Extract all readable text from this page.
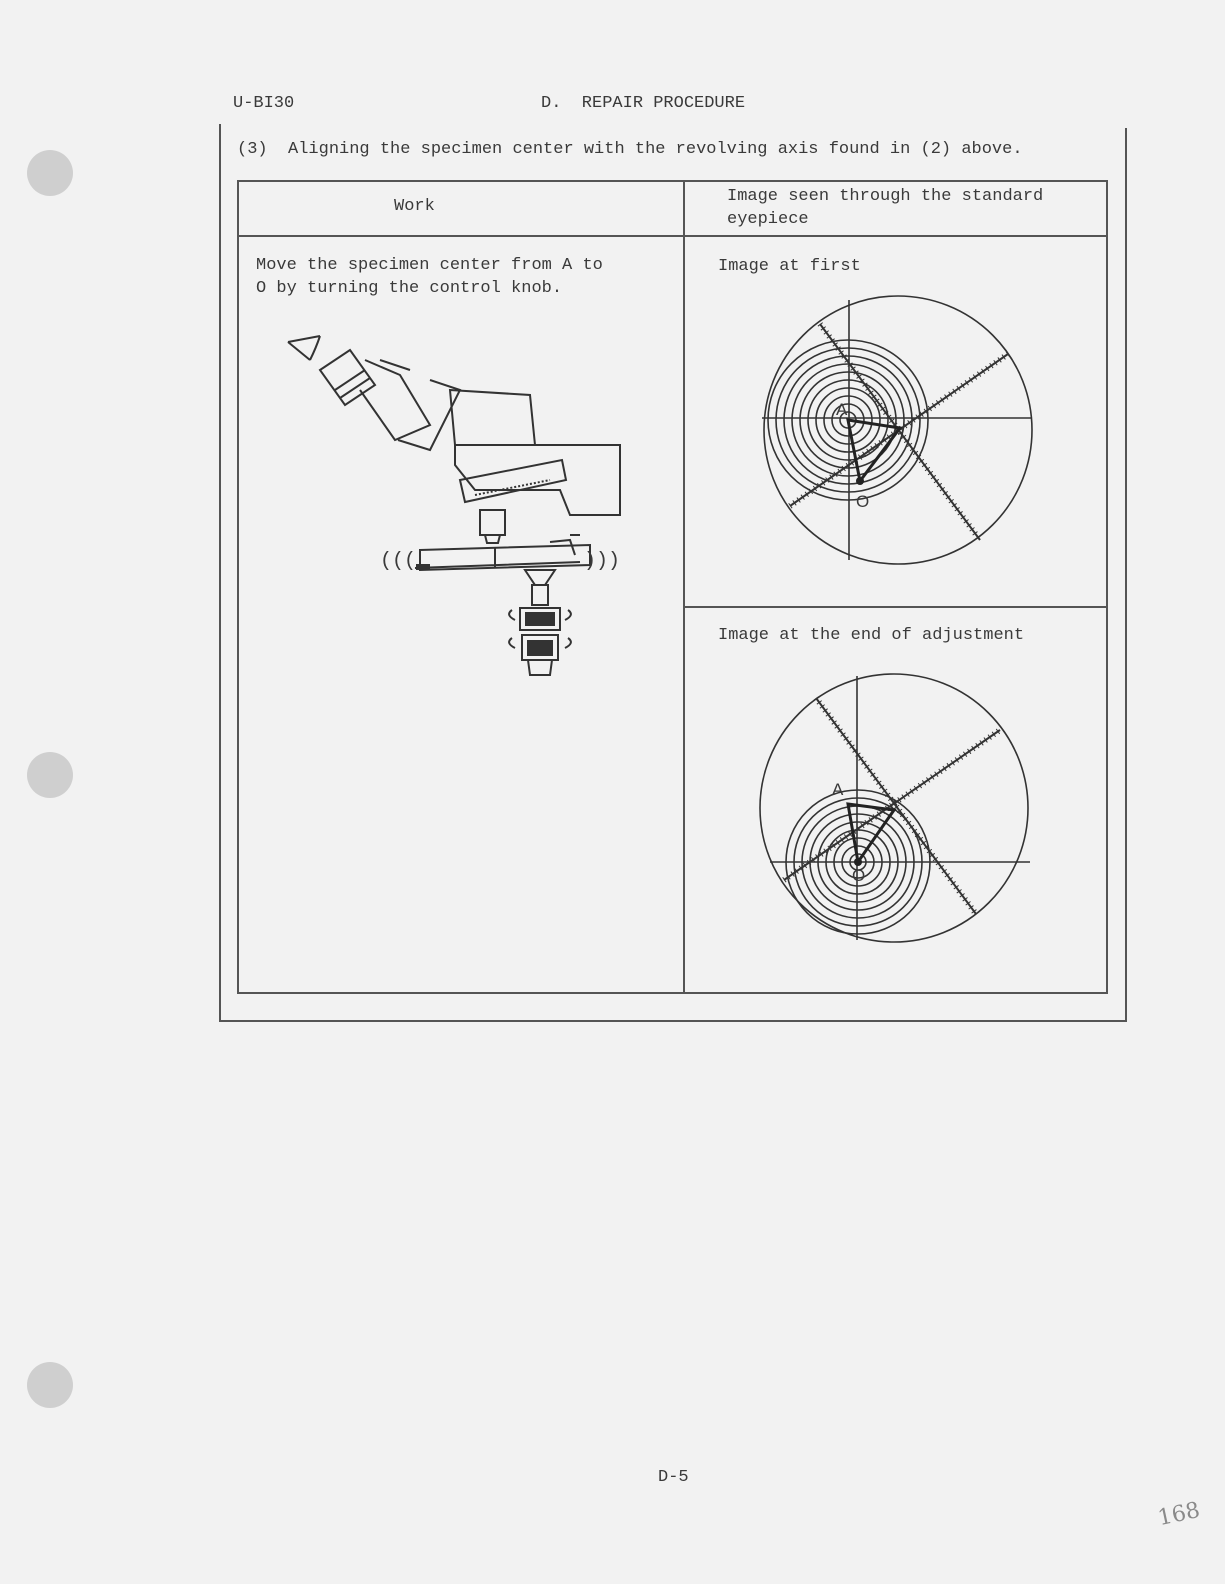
U-BI30	D.  REPAIR PROCEDURE
(3)  Aligning the specimen center with the revolving axis found in (2) above.
Work
Image seen through the standard
eyepiece
Move the specimen center from A to
O by turning the control knob.
Image at first
Image at the end of adjustment
(((	)))
A
O
A
O
D-5
168
